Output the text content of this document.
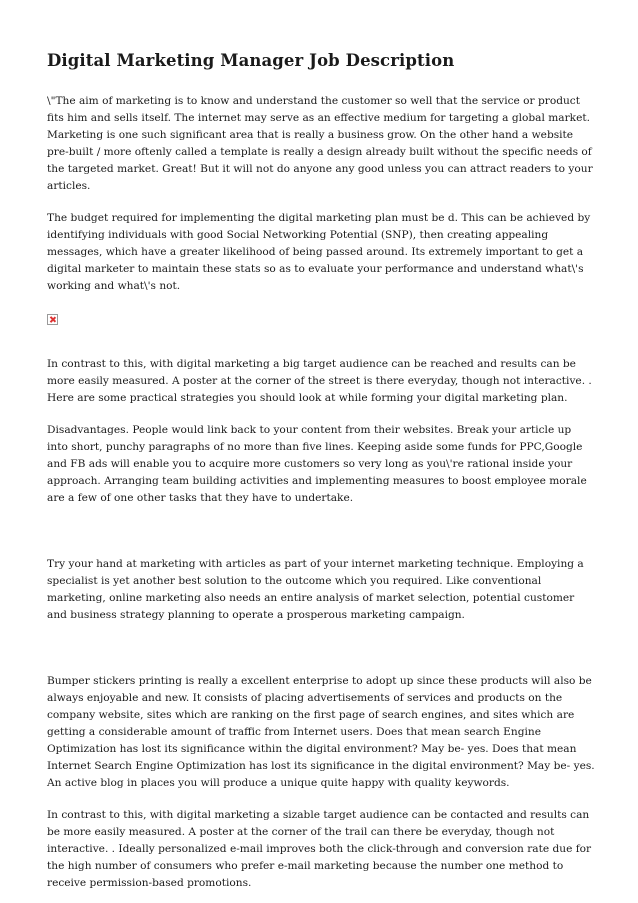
Digital Marketing Manager Job Description

\"The aim of marketing is to know and understand the customer so well that the service or product fits him and sells itself. The internet may serve as an effective medium for targeting a global market. Marketing is one such significant area that is really a business grow. On the other hand a website pre-built / more oftenly called a template is really a design already built without the specific needs of the targeted market. Great! But it will not do anyone any good unless you can attract readers to your articles.

The budget required for implementing the digital marketing plan must be d. This can be achieved by identifying individuals with good Social Networking Potential (SNP), then creating appealing messages, which have a greater likelihood of being passed around. Its extremely important to get a digital marketer to maintain these stats so as to evaluate your performance and understand what\'s working and what\'s not.

In contrast to this, with digital marketing a big target audience can be reached and results can be more easily measured. A poster at the corner of the street is there everyday, though not interactive. . Here are some practical strategies you should look at while forming your digital marketing plan.

Disadvantages. People would link back to your content from their websites. Break your article up into short, punchy paragraphs of no more than five lines. Keeping aside some funds for PPC,Google and FB ads will enable you to acquire more customers so very long as you\'re rational inside your approach. Arranging team building activities and implementing measures to boost employee morale are a few of one other tasks that they have to undertake.

Try your hand at marketing with articles as part of your internet marketing technique. Employing a specialist is yet another best solution to the outcome which you required. Like conventional marketing, online marketing also needs an entire analysis of market selection, potential customer and business strategy planning to operate a prosperous marketing campaign.

Bumper stickers printing is really a excellent enterprise to adopt up since these products will also be always enjoyable and new. It consists of placing advertisements of services and products on the company website, sites which are ranking on the first page of search engines, and sites which are getting a considerable amount of traffic from Internet users. Does that mean search Engine Optimization has lost its significance within the digital environment? May be- yes. Does that mean Internet Search Engine Optimization has lost its significance in the digital environment? May be- yes. An active blog in places you will produce a unique quite happy with quality keywords.

In contrast to this, with digital marketing a sizable target audience can be contacted and results can be more easily measured. A poster at the corner of the trail can there be everyday, though not interactive. . Ideally personalized e-mail improves both the click-through and conversion rate due for the high number of consumers who prefer e-mail marketing because the number one method to receive permission-based promotions.
